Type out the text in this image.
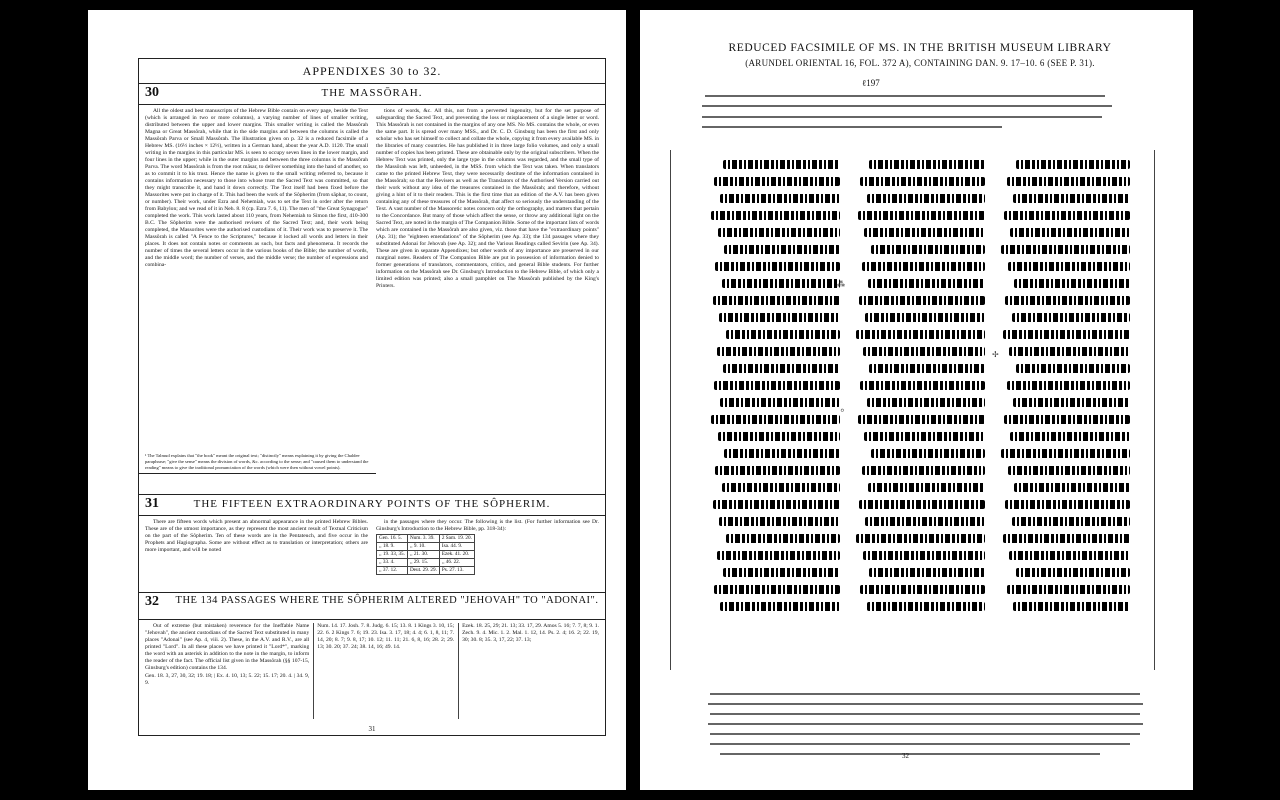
APPENDIXES 30 to 32.
30	THE MASSŌRAH.

All the oldest and best manuscripts of the Hebrew Bible contain on every page, beside the Text (which is arranged in two or more columns), a varying number of lines of smaller writing, distributed between the upper and lower margins. This smaller writing is called the Massôrah Magna or Great Massôrah, while that in the side margins and between the columns is called the Massôrah Parva or Small Massôrah. The illustration given on p. 32 is a reduced facsimile of a Hebrew MS. (16½ inches × 12½), written in a German hand, about the year A.D. 1120. The small writing in the margins in this particular MS. is seen to occupy seven lines in the lower margin, and four lines in the upper; while in the outer margins and between the three columns is the Massôrah Parva. The word Massôrah is from the root māsar, to deliver something into the hand of another, so as to commit it to his trust. Hence the name is given to the small writing referred to, because it contains information necessary to those into whose trust the Sacred Text was committed, so that they might transcribe it, and hand it down correctly. The Text itself had been fixed before the Massorites were put in charge of it. This had been the work of the Sôpherim (from sāphar, to count, or number). Their work, under Ezra and Nehemiah, was to set the Text in order after the return from Babylon; and we read of it in Neh. 8. 8 (cp. Ezra 7. 6, 11). The men of "the Great Synagogue" completed the work. This work lasted about 110 years, from Nehemiah to Simon the first, 410-300 B.C. The Sôpherim were the authorised revisers of the Sacred Text; and, their work being completed, the Massorites were the authorised custodians of it. Their work was to preserve it. The Massôrah is called "A Fence to the Scriptures," because it locked all words and letters in their places. It does not contain notes or comments as such, but facts and phenomena. It records the number of times the several letters occur in the various books of the Bible; the number of words, and the middle word; the number of verses, and the middle verse; the number of expressions and combina-

tions of words, &c. All this, not from a perverted ingenuity, but for the set purpose of safeguarding the Sacred Text, and preventing the loss or misplacement of a single letter or word. This Massôrah is not contained in the margins of any one MS. No MS. contains the whole, or even the same part. It is spread over many MSS., and Dr. C. D. Ginsburg has been the first and only scholar who has set himself to collect and collate the whole, copying it from every available MS. in the libraries of many countries. He has published it in three large folio volumes, and only a small number of copies has been printed. These are obtainable only by the original subscribers. When the Hebrew Text was printed, only the large type in the columns was regarded, and the small type of the Massôrah was left, unheeded, in the MSS. from which the Text was taken. When translators came to the printed Hebrew Text, they were necessarily destitute of the information contained in the Massôrah; so that the Revisers as well as the Translators of the Authorised Version carried out their work without any idea of the treasures contained in the Massôrah; and therefore, without giving a hint of it to their readers. This is the first time that an edition of the A.V. has been given containing any of these treasures of the Massôrah, that affect so seriously the understanding of the Text. A vast number of the Massoretic notes concern only the orthography, and matters that pertain to the Concordance. But many of those which affect the sense, or throw any additional light on the Sacred Text, are noted in the margin of The Companion Bible. Some of the important lists of words which are contained in the Massôrah are also given, viz. those that have the "extraordinary points" (Ap. 31); the "eighteen emendations" of the Sôpherim (see Ap. 33); the 134 passages where they substituted Adonai for Jehovah (see Ap. 32); and the Various Readings called Sevirin (see Ap. 34). These are given in separate Appendixes; but other words of any importance are preserved in our marginal notes. Readers of The Companion Bible are put in possession of information denied to former generations of translators, commentators, critics, and general Bible students. For further information on the Massôrah see Dr. Ginsburg's Introduction to the Hebrew Bible, of which only a limited edition was printed; also a small pamphlet on The Massôrah published by the King's Printers.

¹ The Talmud explains that "the book" meant the original text; "distinctly" means explaining it by giving the Chaldee paraphrase; "give the sense" means the division of words, &c. according to the sense; and "caused them to understand the reading" means to give the traditional pronunciation of the words (which were then without vowel points).
31	THE FIFTEEN EXTRAORDINARY POINTS OF THE SÔPHERIM.

There are fifteen words which present an abnormal appearance in the printed Hebrew Bibles. These are of the utmost importance, as they represent the most ancient result of Textual Criticism on the part of the Sôpherim. Ten of these words are in the Pentateuch, and five occur in the Prophets and Hagiographa. Some are without effect as to translation or interpretation; others are more important, and will be noted

in the passages where they occur. The following is the list. (For further information see Dr. Ginsburg's Introduction to the Hebrew Bible, pp. 318-34):

Gen. 16. 5.	Num. 3. 39.	2 Sam. 19. 20.
,, 18. 9.	,, 9. 10.	Isa. 44. 9.
,, 19. 33, 35.	,, 21. 30.	Ezek. 41. 20.
,, 33. 4.	,, 29. 15.	,, 46. 22.
,, 37. 12.	Deut. 29. 29.	Ps. 27. 13.
32	THE 134 PASSAGES WHERE THE SÔPHERIM ALTERED "JEHOVAH" TO "ADONAI".

Out of extreme (but mistaken) reverence for the Ineffable Name "Jehovah", the ancient custodians of the Sacred Text substituted in many places "Adonai" (see Ap. 4, viii. 2). These, in the A.V. and R.V., are all printed "Lord". In all these places we have printed it "Lord*", marking the word with an asterisk in addition to the note in the margin, to inform the reader of the fact. The official list given in the Massôrah (§§ 107-15, Ginsburg's edition) contains the 134.

Gen. 18. 3, 27, 30, 32; 19. 18; | Ex. 4. 10, 13; 5. 22; 15. 17; 20. 4. | 34. 9, 9.

Num. 14. 17. Josh. 7. 8. Judg. 6. 15; 13. 8. 1 Kings 3. 10, 15; 22. 6. 2 Kings 7. 6; 19. 23. Isa. 3. 17, 18; 4. 4; 6. 1, 8, 11; 7. 14, 20; 8. 7; 9. 8, 17; 10. 12; 11. 11; 21. 6, 8, 16; 28. 2; 29. 13; 30. 20; 37. 24; 38. 14, 16; 49. 14.

Ezek. 18. 25, 29; 21. 13; 33. 17, 29. Amos 5. 16; 7. 7, 8; 9. 1. Zech. 9. 4. Mic. 1. 2. Mal. 1. 12, 14. Ps. 2. 4; 16. 2; 22. 19, 30; 30. 8; 35. 3, 17, 22; 37. 13;

31
REDUCED FACSIMILE OF MS. IN THE BRITISH MUSEUM LIBRARY
(ARUNDEL ORIENTAL 16, FOL. 372 A), CONTAINING DAN. 9. 17–10. 6 (SEE P. 31).
ℓ197
⁂
✢
⸰
32
